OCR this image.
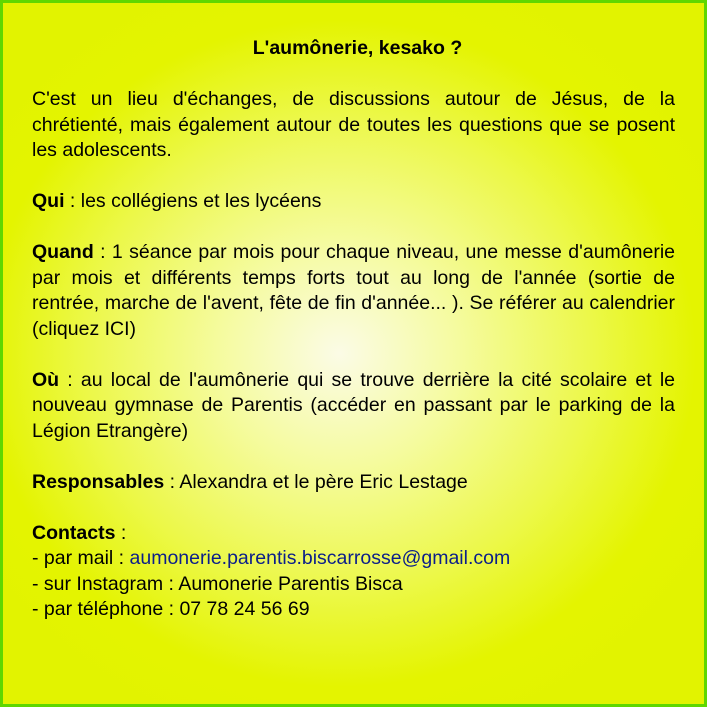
L'aumônerie, kesako ?
C'est un lieu d'échanges, de discussions autour de Jésus, de la chrétienté, mais également autour de toutes les questions que se posent les adolescents.
Qui : les collégiens et les lycéens
Quand : 1 séance par mois pour chaque niveau, une messe d'aumônerie par mois et différents temps forts tout au long de l'année (sortie de rentrée, marche de l'avent, fête de fin d'année... ). Se référer au calendrier (cliquez ICI)
Où : au local de l'aumônerie qui se trouve derrière la cité scolaire et le nouveau gymnase de Parentis (accéder en passant par le parking de la Légion Etrangère)
Responsables : Alexandra et le père Eric Lestage

Contacts :

- par mail : aumonerie.parentis.biscarrosse@gmail.com

- sur Instagram : Aumonerie Parentis Bisca

- par téléphone : 07 78 24 56 69
